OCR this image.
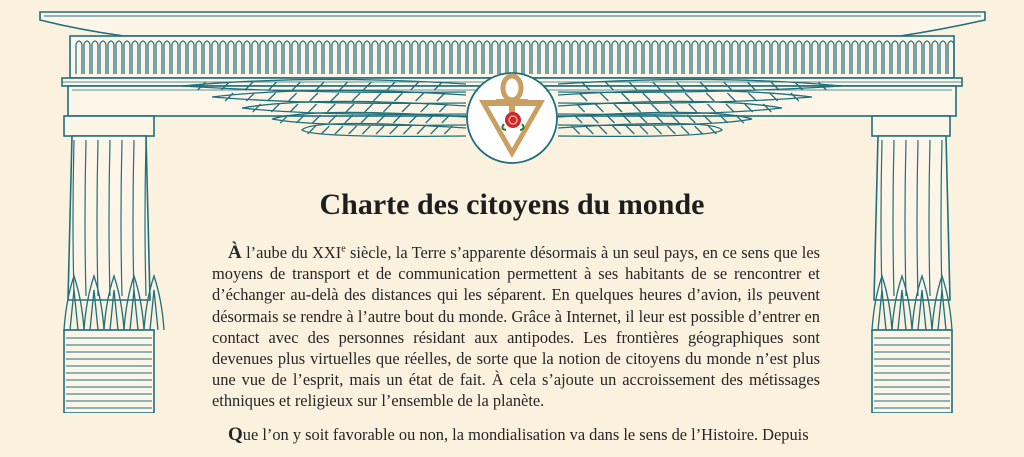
Charte des citoyens du monde

À l’aube du XXIe siècle, la Terre s’apparente désormais à un seul pays, en ce sens que les moyens de transport et de communication permettent à ses habitants de se rencontrer et d’échanger au-delà des distances qui les séparent. En quelques heures d’avion, ils peuvent désormais se rendre à l’autre bout du monde. Grâce à Internet, il leur est possible d’entrer en contact avec des personnes résidant aux antipodes. Les frontières géographiques sont devenues plus virtuelles que réelles, de sorte que la notion de citoyens du monde n’est plus une vue de l’esprit, mais un état de fait. À cela s’ajoute un accroissement des métissages ethniques et religieux sur l’ensemble de la planète.

Que l’on y soit favorable ou non, la mondialisation va dans le sens de l’Histoire. Depuis
